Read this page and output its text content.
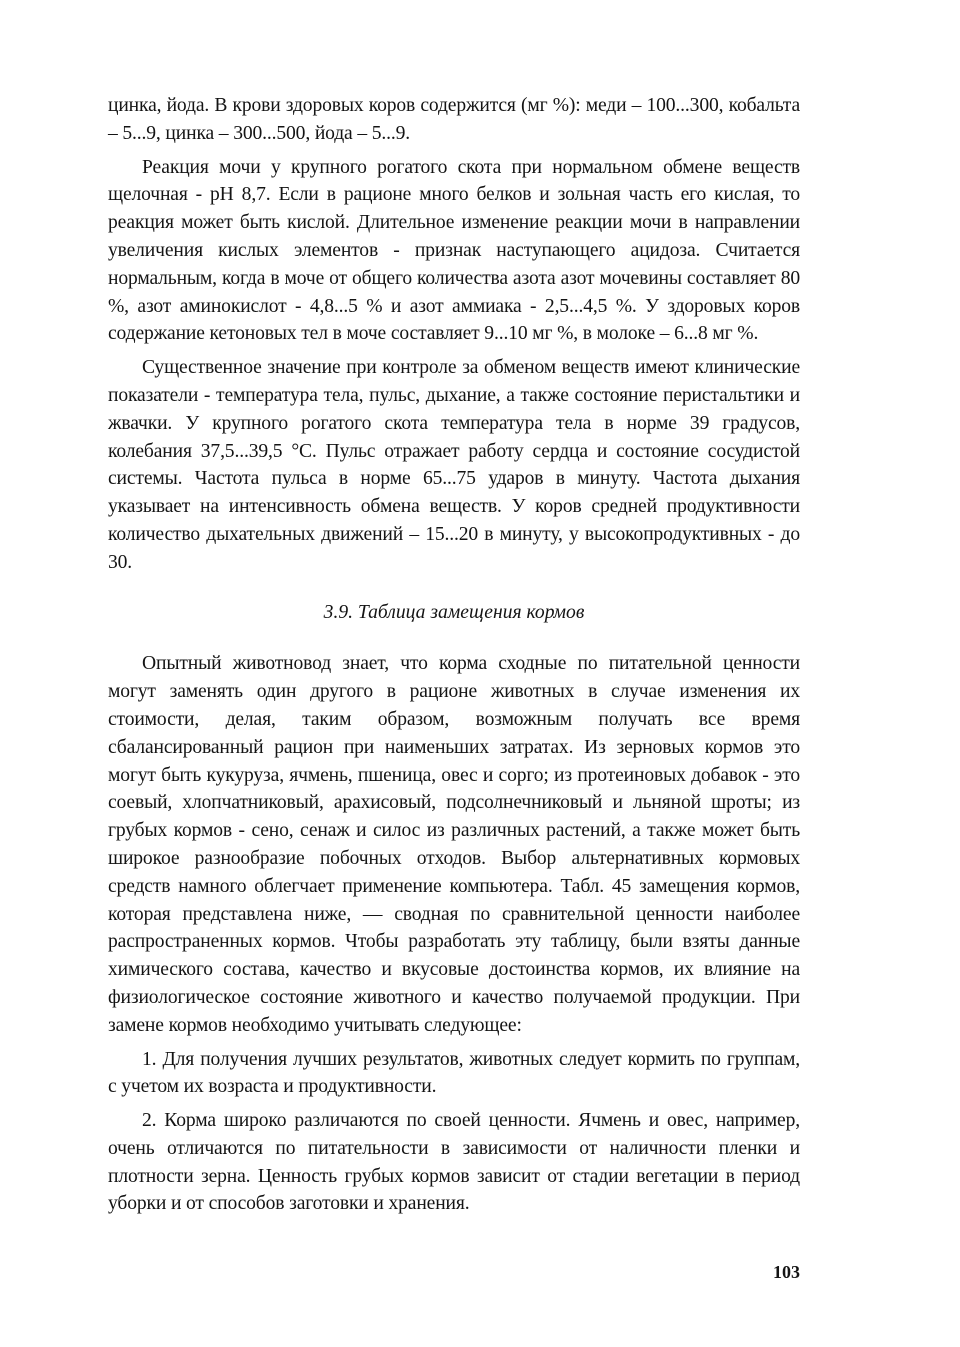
цинка, йода. В крови здоровых коров содержится (мг %): меди – 100...300, кобальта – 5...9, цинка – 300...500, йода – 5...9.

Реакция мочи у крупного рогатого скота при нормальном обмене веществ щелочная - pH 8,7. Если в рационе много белков и зольная часть его кислая, то реакция может быть кислой. Длительное изменение реакции мочи в направлении увеличения кислых элементов - признак наступающего ацидоза. Считается нормальным, когда в моче от общего количества азота азот мочевины составляет 80 %, азот аминокислот - 4,8...5 % и азот аммиака - 2,5...4,5 %. У здоровых коров содержание кетоновых тел в моче составляет 9...10 мг %, в молоке – 6...8 мг %.

Существенное значение при контроле за обменом веществ имеют клинические показатели - температура тела, пульс, дыхание, а также состояние перистальтики и жвачки. У крупного рогатого скота температура тела в норме 39 градусов, колебания 37,5...39,5 °С. Пульс отражает работу сердца и состояние сосудистой системы. Частота пульса в норме 65...75 ударов в минуту. Частота дыхания указывает на интенсивность обмена веществ. У коров средней продуктивности количество дыхательных движений – 15...20 в минуту, у высокопродуктивных - до 30.

3.9. Таблица замещения кормов

Опытный животновод знает, что корма сходные по питательной ценности могут заменять один другого в рационе животных в случае изменения их стоимости, делая, таким образом, возможным получать все время сбалансированный рацион при наименьших затратах. Из зерновых кормов это могут быть кукуруза, ячмень, пшеница, овес и сорго; из протеиновых добавок - это соевый, хлопчатниковый, арахисовый, подсолнечниковый и льняной шроты; из грубых кормов - сено, сенаж и силос из различных растений, а также может быть широкое разнообразие побочных отходов. Выбор альтернативных кормовых средств намного облегчает применение компьютера. Табл. 45 замещения кормов, которая представлена ниже, — сводная по сравнительной ценности наиболее распространенных кормов. Чтобы разработать эту таблицу, были взяты данные химического состава, качество и вкусовые достоинства кормов, их влияние на физиологическое состояние животного и качество получаемой продукции. При замене кормов необходимо учитывать следующее:

1. Для получения лучших результатов, животных следует кормить по группам, с учетом их возраста и продуктивности.

2. Корма широко различаются по своей ценности. Ячмень и овес, например, очень отличаются по питательности в зависимости от наличности пленки и плотности зерна. Ценность грубых кормов зависит от стадии вегетации в период уборки и от способов заготовки и хранения.

103
